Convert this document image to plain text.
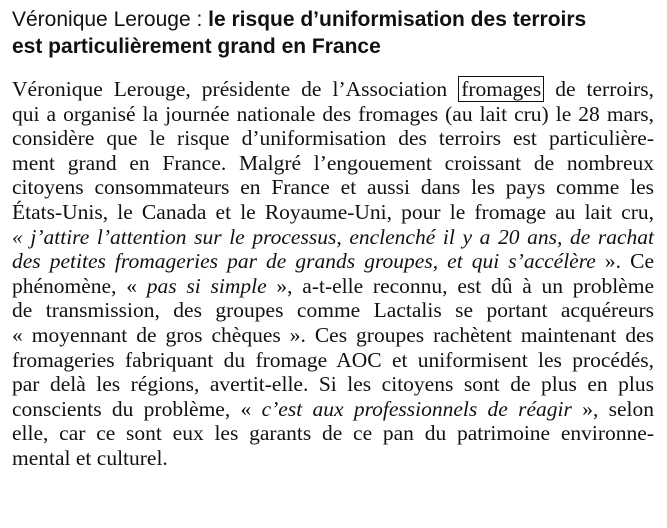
Véronique Lerouge : le risque d’uniformisation des terroirs
est particulièrement grand en France
Véronique Lerouge, présidente de l’Association fromages de terroirs,
qui a organisé la journée nationale des fromages (au lait cru) le 28 mars,
considère que le risque d’uniformisation des terroirs est particulière-
ment grand en France. Malgré l’engouement croissant de nombreux
citoyens consommateurs en France et aussi dans les pays comme les
États-Unis, le Canada et le Royaume-Uni, pour le fromage au lait cru,
« j’attire l’attention sur le processus, enclenché il y a 20 ans, de rachat
des petites fromageries par de grands groupes, et qui s’accélère ». Ce
phénomène, « pas si simple », a-t-elle reconnu, est dû à un problème
de transmission, des groupes comme Lactalis se portant acquéreurs
« moyennant de gros chèques ». Ces groupes rachètent maintenant des
fromageries fabriquant du fromage AOC et uniformisent les procédés,
par delà les régions, avertit-elle. Si les citoyens sont de plus en plus
conscients du problème, « c’est aux professionnels de réagir », selon
elle, car ce sont eux les garants de ce pan du patrimoine environne-
mental et culturel.
